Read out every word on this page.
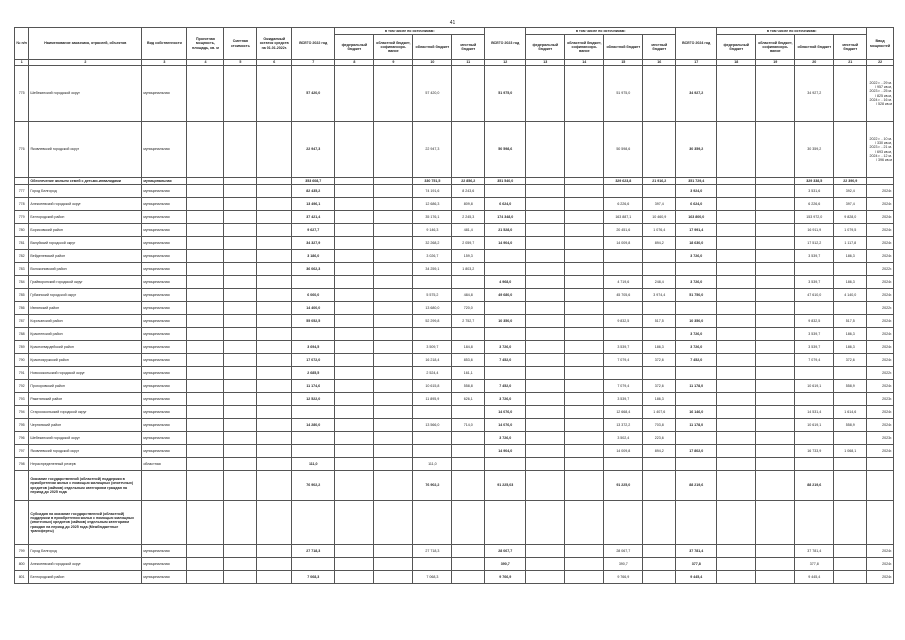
41
№ п/п	Наименование заказчика, отраслей, объектов	Вид собственности	Проектная мощность, площадь, кв. м	Сметная стоимость	Ожидаемый остаток средств на 01.01.2022г.	ВСЕГО 2022 год	в том числе по источникам:				ВСЕГО 2023 год	в том числе по источникам:				ВСЕГО 2024 год	в том числе по источникам:				Ввод мощностей
							федеральный бюджет	областной бюджет, софинансиро-вание	областной бюджет	местный бюджет		федеральный бюджет	областной бюджет, софинансиро-вание	областной бюджет	местный бюджет		федеральный бюджет	областной бюджет, софинансиро-вание	областной бюджет	местный бюджет	
1	2	3	4	5	6	7	8	9	10	11	12	13	14	15	16	17	18	19	20	21	22
775	Шебекинский городской округ	муниципальная				57 420,0			57 420,0		51 975,0			51 975,0		34 927,2			34 927,2		2022 г. - 29 м. / 957 кв.м, 2023 г. - 25 м. / 825 кв.м, 2024 г. - 16 м. / 528 кв.м
776	Яковлевский городской округ	муниципальная				22 947,3			22 947,3		50 598,6			50 598,6		30 359,2			30 359,2		2022 г. - 10 м. / 330 кв.м, 2023 г. - 21 м. / 693 кв.м, 2024 г. - 12 м. / 396 кв.м
	Обеспечение жильем семей с детьми-инвалидами	муниципальная				353 608,7			330 751,5	22 856,2	351 540,0			329 623,8	21 916,2	351 729,4			329 338,5	22 390,9	
777	Город Белгород	муниципальная				82 435,2			74 191,6	8 243,6						3 924,0			3 531,6	392,4	2024г.
778	Алексеевский городской округ	муниципальная				13 496,1			12 686,3	809,8	6 624,0			6 226,6	397,4	6 624,0			6 226,6	397,4	2024г.
779	Белгородский район	муниципальная				37 421,4			35 176,1	2 245,3	174 348,0			163 887,1	10 460,9	163 800,0			153 972,0	9 828,0	2024г.
780	Борисовский район	муниципальная				9 627,7			9 146,3	481,4	21 528,0			20 451,6	1 076,4	17 991,4			16 911,9	1 079,5	2024г.
781	Валуйский городской округ	муниципальная				34 327,9			32 268,2	2 059,7	14 904,0			14 009,8	894,2	18 630,0			17 512,2	1 117,8	2024г.
782	Вейделевский район	муниципальная				3 186,0			3 026,7	159,3						3 726,0			3 539,7	186,3	2024г.
783	Волоконовский район	муниципальная				36 062,3			34 259,1	1 803,2											2022г.
784	Грайворонский городской округ	муниципальная									4 968,0			4 719,6	248,4	3 726,0			3 539,7	186,3	2024г.
785	Губкинский городской округ	муниципальная				6 060,0			5 575,2	484,8	49 680,0			45 705,6	3 974,4	51 750,0			47 610,0	4 140,0	2024г.
786	Ивнянский район	муниципальная				14 400,0			13 680,0	720,0											2022г.
787	Корочанский район	муниципальная				55 052,5			52 299,8	2 752,7	10 350,0			9 832,5	517,5	10 350,0			9 832,5	517,5	2024г.
788	Красненский район	муниципальная														3 726,0			3 539,7	186,3	2024г.
789	Красногвардейский район	муниципальная				3 694,5			3 509,7	184,8	3 726,0			3 539,7	186,3	3 726,0			3 539,7	186,3	2024г.
790	Краснояружский район	муниципальная				17 072,0			16 218,4	853,6	7 452,0			7 079,4	372,6	7 452,0			7 079,4	372,6	2024г.
791	Новооскольский городской округ	муниципальная				2 685,5			2 524,4	161,1											2022г.
792	Прохоровский район	муниципальная				11 174,6			10 615,8	558,8	7 452,0			7 079,4	372,6	11 178,0			10 619,1	558,9	2024г.
793	Ракитянский район	муниципальная				12 522,0			11 895,9	626,1	3 726,0			3 539,7	186,3						2023г.
794	Старооскольский городской округ	муниципальная									14 076,0			12 668,4	1 407,6	16 146,0			14 531,4	1 614,6	2024г.
795	Чернянский район	муниципальная				14 280,0			13 566,0	714,0	14 076,0			13 372,2	703,8	11 178,0			10 619,1	558,9	2024г.
796	Шебекинский городской округ	муниципальная									3 726,0			3 502,4	223,6						2023г.
797	Яковлевский городской округ	муниципальная									14 904,0			14 009,8	894,2	17 802,0			16 733,9	1 068,1	2024г.
798	Нераспределенный резерв	областная				111,0			111,0												
	Оказание государственной (областной) поддержки в приобретении жилья с помощью жилищных (ипотечных) кредитов (займов) отдельным категориям граждан на период до 2025 года					76 902,2			76 902,2		91 225,03			91 225,0		88 219,6			88 219,6		
	Субсидия на оказание государственной (областной) поддержки в приобретении жилья с помощью жилищных (ипотечных) кредитов (займов) отдельным категориям граждан на период до 2025 года (Межбюджетные трансферты)																				
799	Город Белгород	муниципальная				27 718,3			27 718,3		28 067,7			28 067,7		37 781,4			37 781,4		2024г.
800	Алексеевский городской округ	муниципальная									390,7			390,7		377,8			377,8		2024г.
801	Белгородский район	муниципальная				7 068,3			7 068,3		9 766,9			9 766,9		9 445,4			9 445,4		2024г.
